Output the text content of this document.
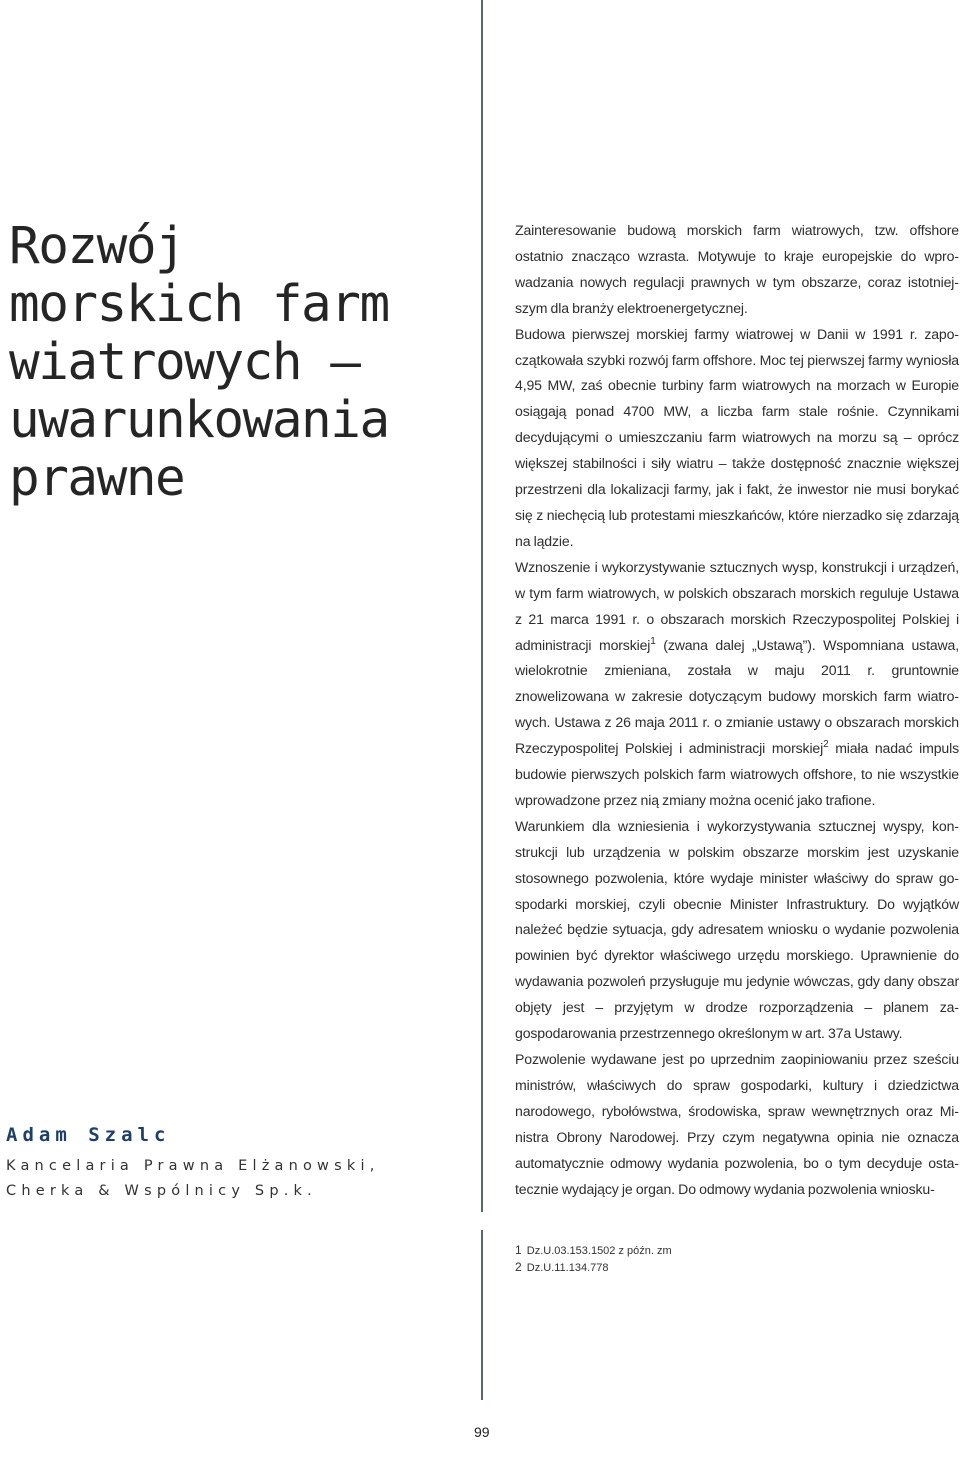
Rozwój
morskich farm
wiatrowych –
uwarunkowania
prawne
Adam Szalc
Kancelaria Prawna Elżanowski,
Cherka & Wspólnicy Sp.k.

Zainteresowanie budową morskich farm wiatrowych, tzw. offshore ostatnio znacząco wzrasta. Motywuje to kraje europejskie do wprowadzania nowych regulacji prawnych w tym obszarze, coraz istotniejszym dla branży elektroenergetycznej.

Budowa pierwszej morskiej farmy wiatrowej w Danii w 1991 r. zapoczątkowała szybki rozwój farm offshore. Moc tej pierwszej farmy wyniosła 4,95 MW, zaś obecnie turbiny farm wiatrowych na morzach w Europie osiągają ponad 4700 MW, a liczba farm stale rośnie. Czynnikami decydującymi o umieszczaniu farm wiatrowych na morzu są – oprócz większej stabilności i siły wiatru – także dostępność znacznie większej przestrzeni dla lokalizacji farmy, jak i fakt, że inwestor nie musi borykać się z niechęcią lub protestami mieszkańców, które nierzadko się zdarzają na lądzie.

Wznoszenie i wykorzystywanie sztucznych wysp, konstrukcji i urządzeń, w tym farm wiatrowych, w polskich obszarach morskich reguluje Ustawa z 21 marca 1991 r. o obszarach morskich Rzeczypospolitej Polskiej i administracji morskiej$^1$ (zwana dalej „Ustawą”). Wspomniana ustawa, wielokrotnie zmieniana, została w maju 2011 r. gruntownie znowelizowana w zakresie dotyczącym budowy morskich farm wiatrowych. Ustawa z 26 maja 2011 r. o zmianie ustawy o obszarach morskich Rzeczypospolitej Polskiej i administracji morskiej$^2$ miała nadać impuls budowie pierwszych polskich farm wiatrowych offshore, to nie wszystkie wprowadzone przez nią zmiany można ocenić jako trafione.

Warunkiem dla wzniesienia i wykorzystywania sztucznej wyspy, konstrukcji lub urządzenia w polskim obszarze morskim jest uzyskanie stosownego pozwolenia, które wydaje minister właściwy do spraw gospodarki morskiej, czyli obecnie Minister Infrastruktury. Do wyjątków należeć będzie sytuacja, gdy adresatem wniosku o wydanie pozwolenia powinien być dyrektor właściwego urzędu morskiego. Uprawnienie do wydawania pozwoleń przysługuje mu jedynie wówczas, gdy dany obszar objęty jest – przyjętym w drodze rozporządzenia – planem zagospodarowania przestrzennego określonym w art. 37a Ustawy.

Pozwolenie wydawane jest po uprzednim zaopiniowaniu przez sześciu ministrów, właściwych do spraw gospodarki, kultury i dziedzictwa narodowego, rybołówstwa, środowiska, spraw wewnętrznych oraz Ministra Obrony Narodowej. Przy czym negatywna opinia nie oznacza automatycznie odmowy wydania pozwolenia, bo o tym decyduje ostatecznie wydający je organ. Do odmowy wydania pozwolenia wniosku-

1 Dz.U.03.153.1502 z późn. zm
2 Dz.U.11.134.778
99
